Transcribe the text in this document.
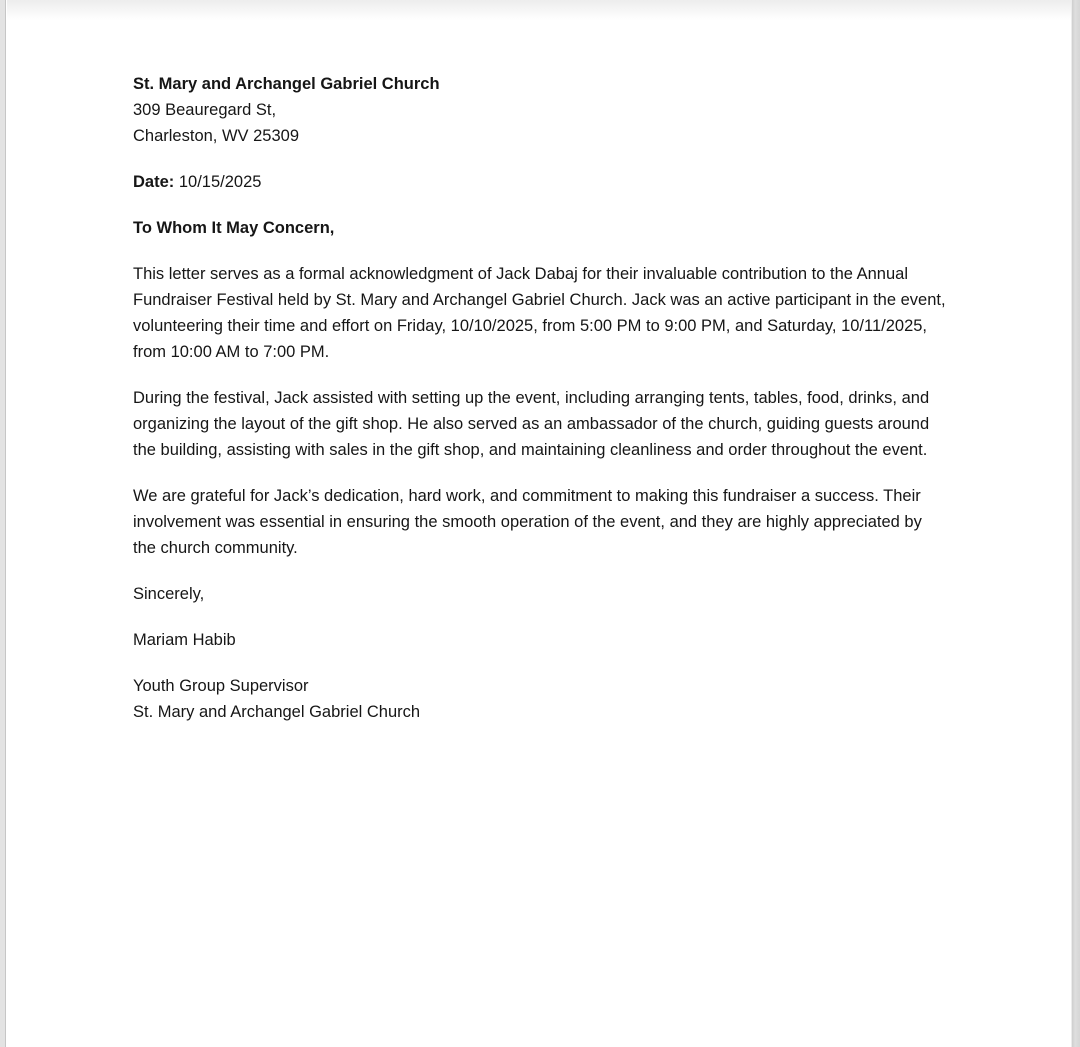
St. Mary and Archangel Gabriel Church
309 Beauregard St,
Charleston, WV 25309
Date: 10/15/2025
To Whom It May Concern,

This letter serves as a formal acknowledgment of Jack Dabaj for their invaluable contribution to the Annual Fundraiser Festival held by St. Mary and Archangel Gabriel Church. Jack was an active participant in the event, volunteering their time and effort on Friday, 10/10/2025, from 5:00 PM to 9:00 PM, and Saturday, 10/11/2025, from 10:00 AM to 7:00 PM.

During the festival, Jack assisted with setting up the event, including arranging tents, tables, food, drinks, and organizing the layout of the gift shop. He also served as an ambassador of the church, guiding guests around the building, assisting with sales in the gift shop, and maintaining cleanliness and order throughout the event.

We are grateful for Jack’s dedication, hard work, and commitment to making this fundraiser a success. Their involvement was essential in ensuring the smooth operation of the event, and they are highly appreciated by the church community.

Sincerely,
Mariam Habib
Youth Group Supervisor
St. Mary and Archangel Gabriel Church
